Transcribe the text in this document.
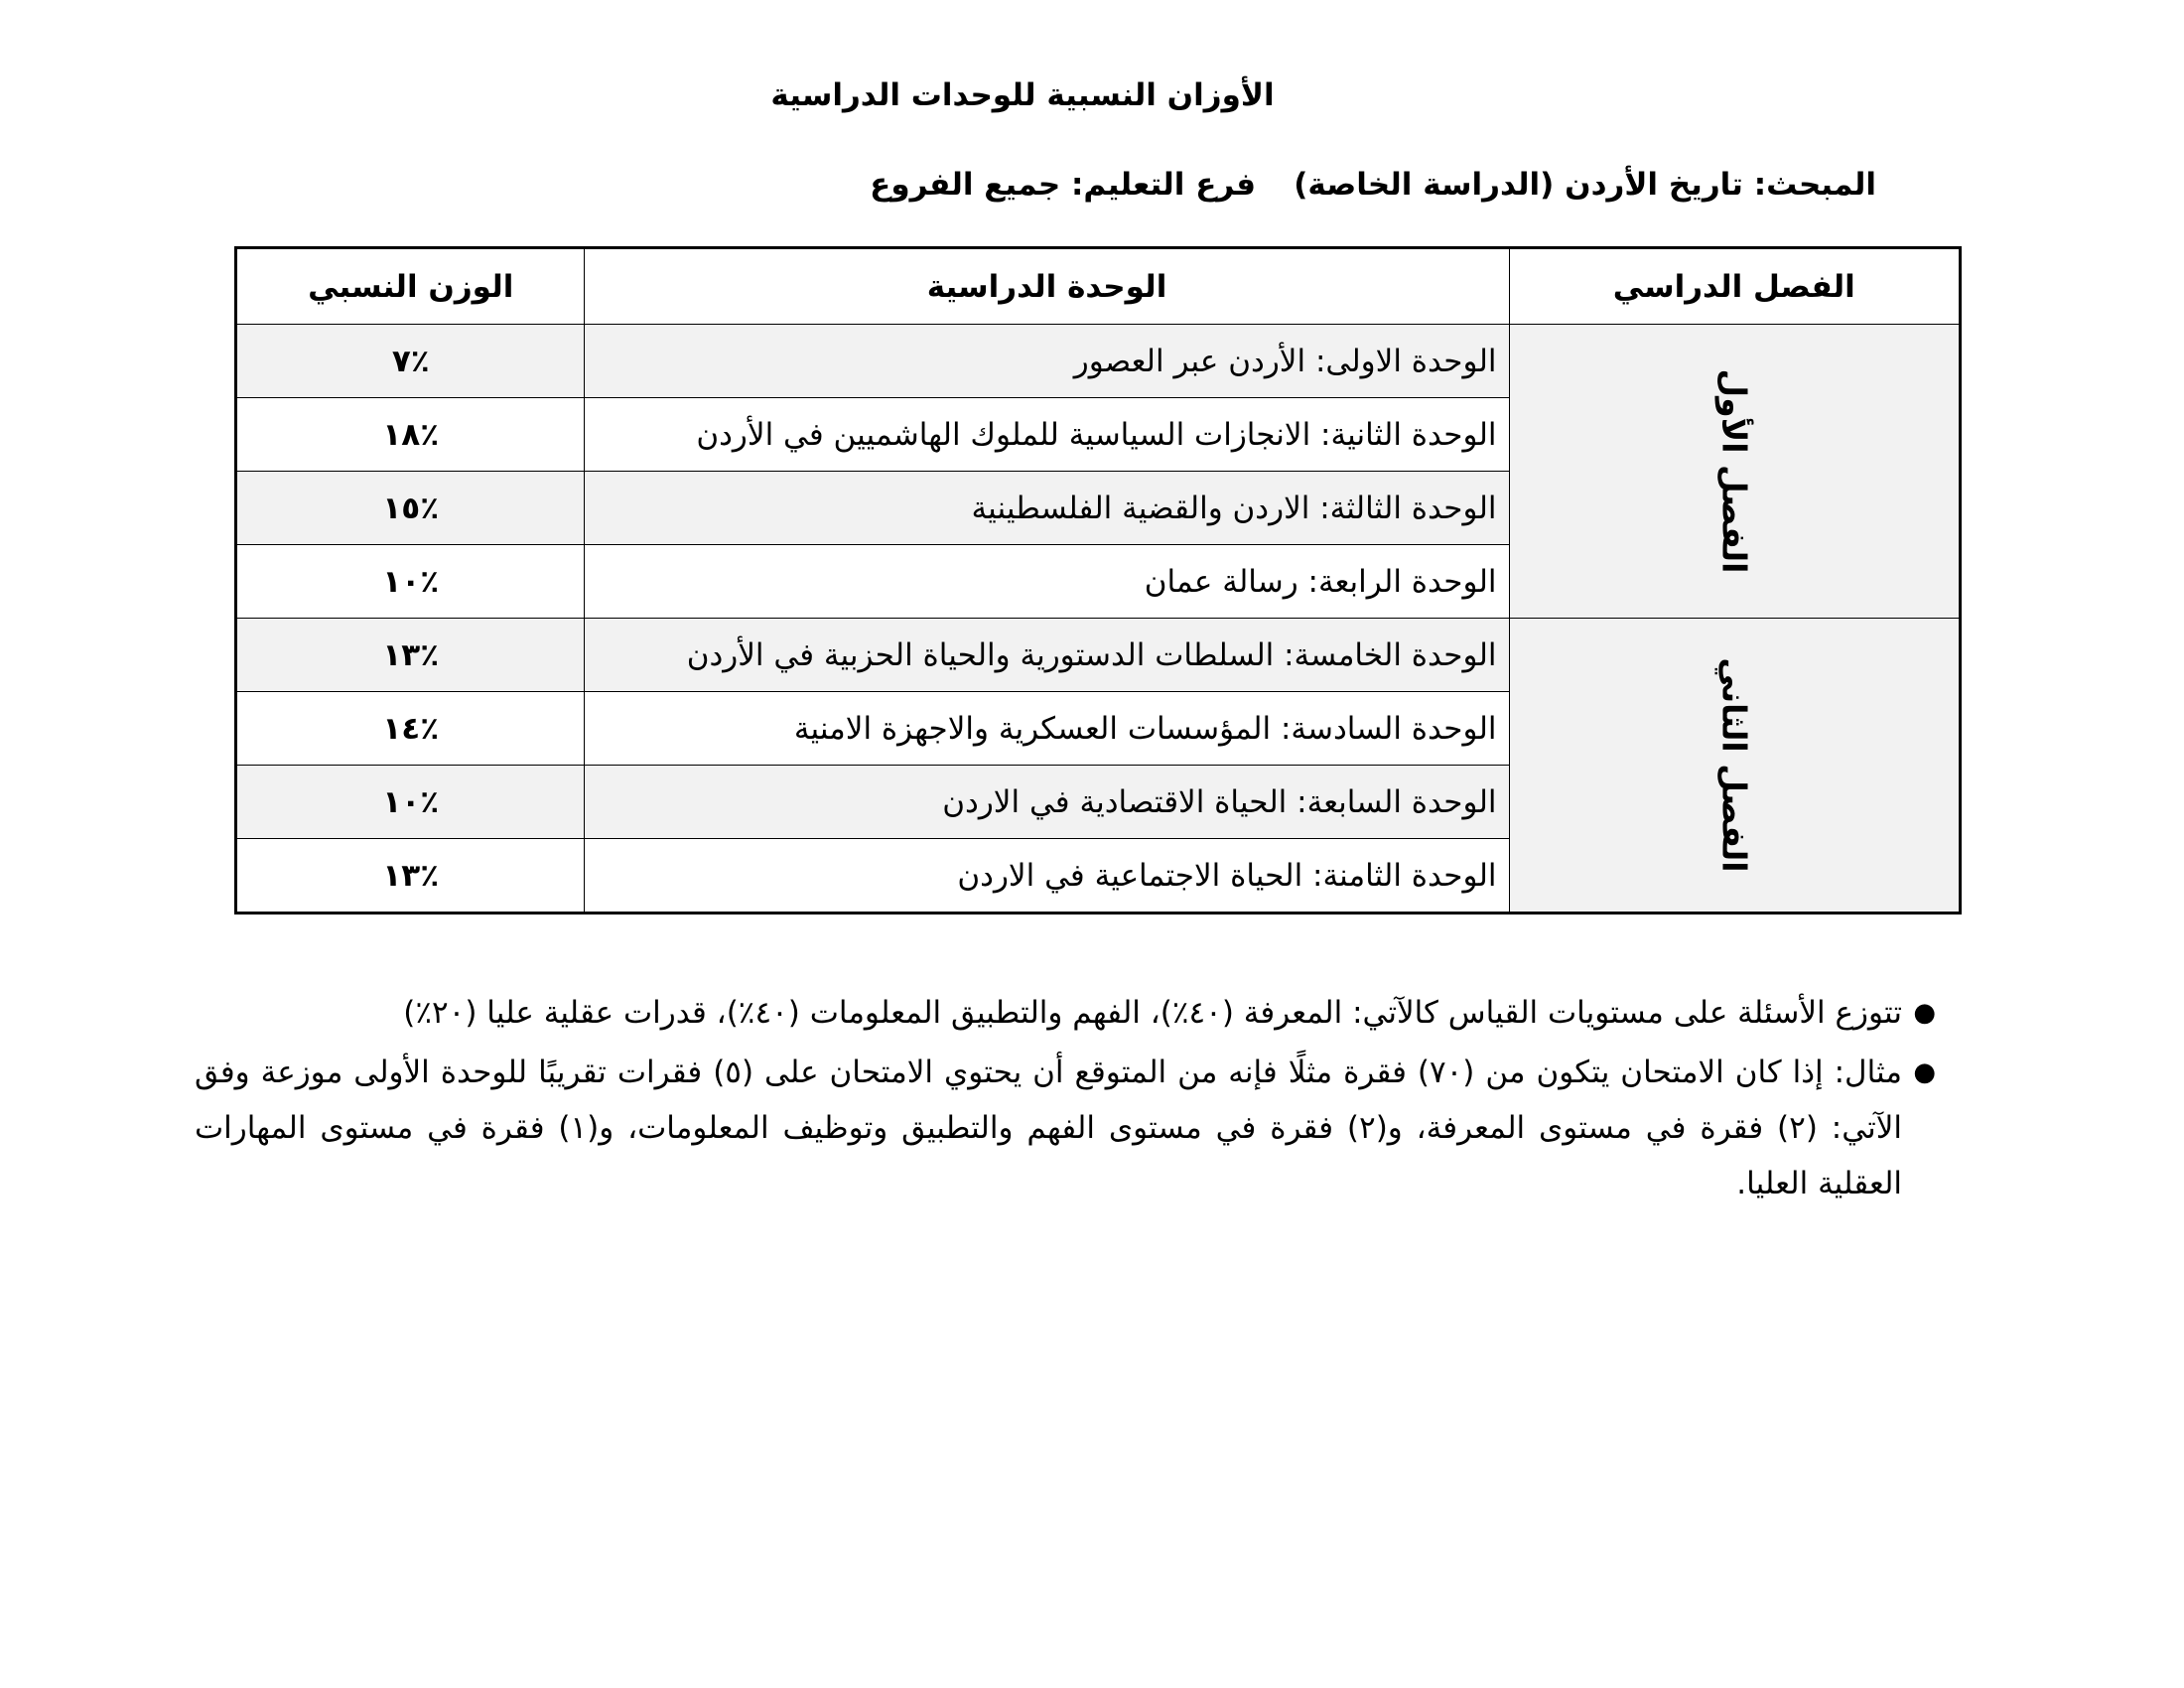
الأوزان النسبية للوحدات الدراسية
المبحث: تاريخ الأردن (الدراسة الخاصة)
فرع التعليم: جميع الفروع
الفصل الدراسي	الوحدة الدراسية	الوزن النسبي
الفصل الأول	الوحدة الاولى: الأردن عبر العصور	٪٧
	الوحدة الثانية: الانجازات السياسية للملوك الهاشميين في الأردن	٪١٨
	الوحدة الثالثة: الاردن والقضية الفلسطينية	٪١٥
	الوحدة الرابعة: رسالة عمان	٪١٠
الفصل الثاني	الوحدة الخامسة: السلطات الدستورية والحياة الحزبية في الأردن	٪١٣
	الوحدة السادسة: المؤسسات العسكرية والاجهزة الامنية	٪١٤
	الوحدة السابعة: الحياة الاقتصادية في الاردن	٪١٠
	الوحدة الثامنة: الحياة الاجتماعية في الاردن	٪١٣
●
تتوزع الأسئلة على مستويات القياس كالآتي: المعرفة (٤٠٪)، الفهم والتطبيق المعلومات (٤٠٪)، قدرات عقلية عليا (٢٠٪)
●
مثال: إذا كان الامتحان يتكون من (٧٠) فقرة مثلًا فإنه من المتوقع أن يحتوي الامتحان على (٥) فقرات تقريبًا للوحدة الأولى موزعة وفق الآتي: (٢) فقرة في مستوى المعرفة، و(٢) فقرة في مستوى الفهم والتطبيق وتوظيف المعلومات، و(١) فقرة في مستوى المهارات العقلية العليا.
